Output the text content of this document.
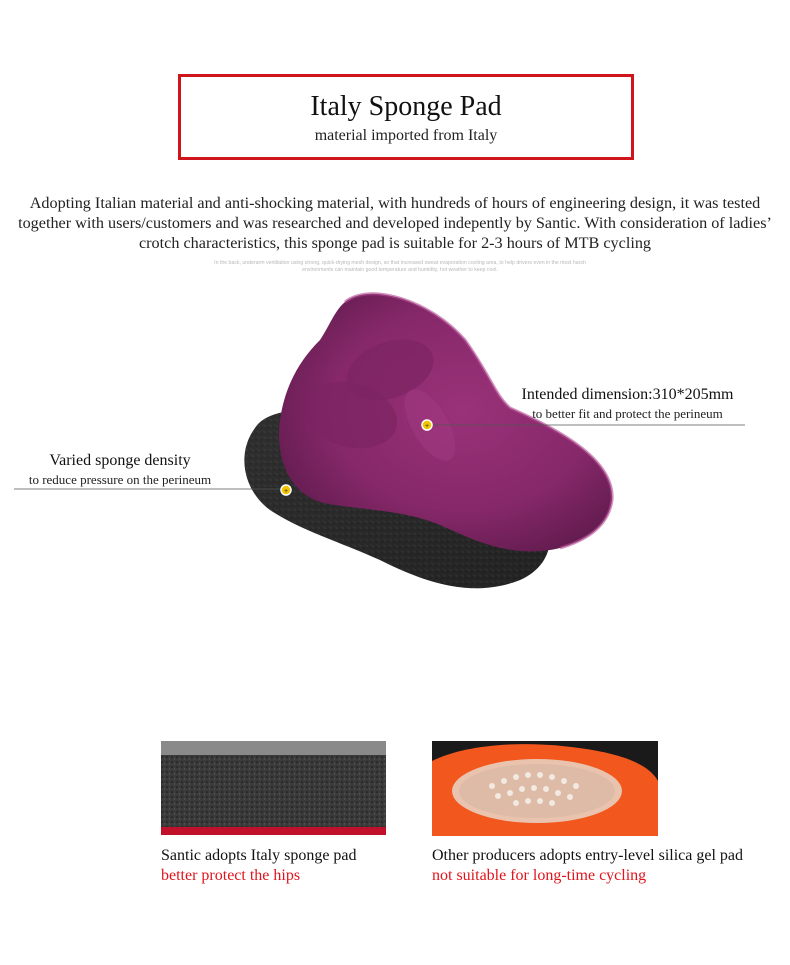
Italy Sponge Pad
material imported from Italy
Adopting Italian material and anti-shocking material, with hundreds of hours of engineering design, it was tested together with users/customers and was researched and developed indepently by Santic. With consideration of ladies’ crotch characteristics, this sponge pad is suitable for 2-3 hours of MTB cycling
In the back, underarm ventilation using strong, quick-drying mesh design, so that increased sweat evaporation cooling area, to help drivers even in the most harsh environments can maintain good temperature and humidity, hot weather to keep cool.
+
+
Intended dimension:310*205mm
to better fit and protect the perineum
Varied sponge density
to reduce pressure on the perineum
Santic adopts Italy sponge pad
better protect the hips
Other producers adopts entry-level silica gel pad
not suitable for long-time cycling
